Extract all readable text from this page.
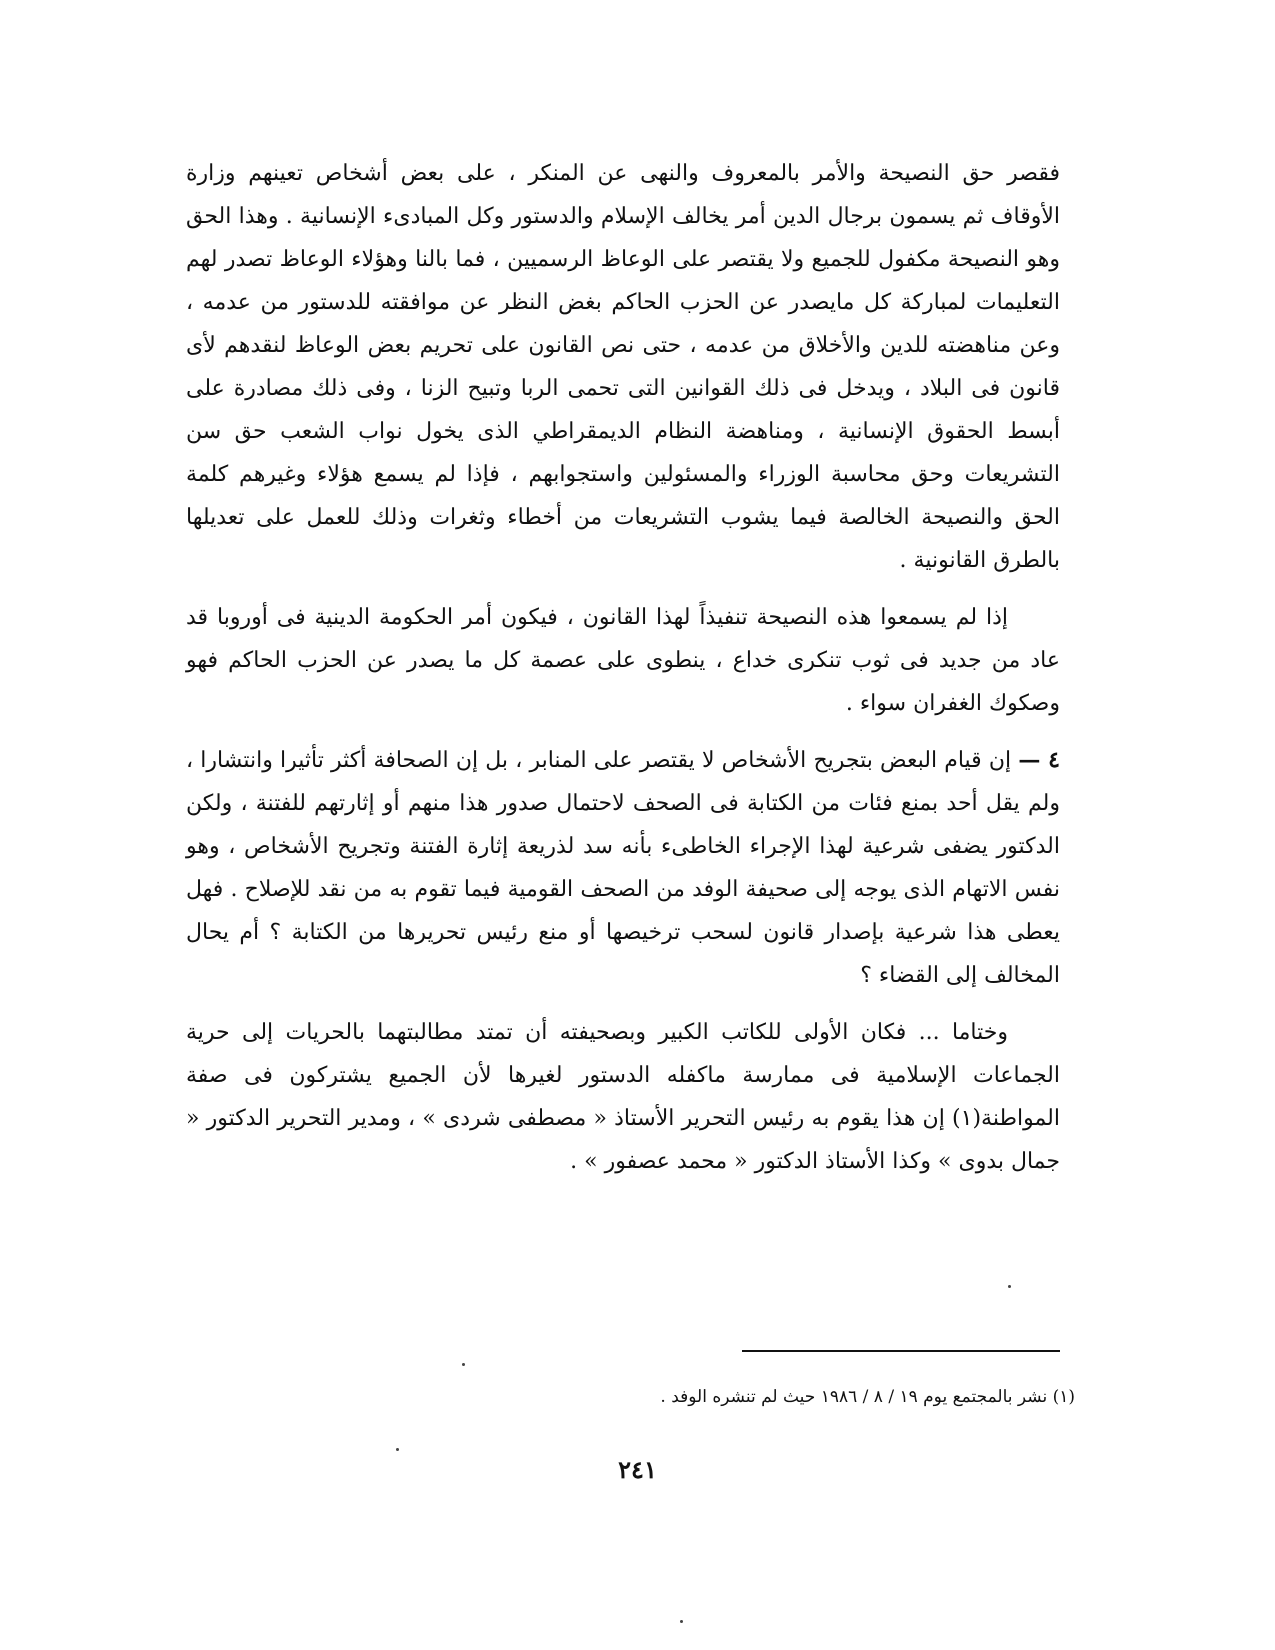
فقصر حق النصيحة والأمر بالمعروف والنهى عن المنكر ، على بعض أشخاص تعينهم وزارة الأوقاف ثم يسمون برجال الدين أمر يخالف الإسلام والدستور وكل المبادىء الإنسانية . وهذا الحق وهو النصيحة مكفول للجميع ولا يقتصر على الوعاظ الرسميين ، فما بالنا وهؤلاء الوعاظ تصدر لهم التعليمات لمباركة كل مايصدر عن الحزب الحاكم بغض النظر عن موافقته للدستور من عدمه ، وعن مناهضته للدين والأخلاق من عدمه ، حتى نص القانون على تحريم بعض الوعاظ لنقدهم لأى قانون فى البلاد ، ويدخل فى ذلك القوانين التى تحمى الربا وتبيح الزنا ، وفى ذلك مصادرة على أبسط الحقوق الإنسانية ، ومناهضة النظام الديمقراطي الذى يخول نواب الشعب حق سن التشريعات وحق محاسبة الوزراء والمسئولين واستجوابهم ، فإذا لم يسمع هؤلاء وغيرهم كلمة الحق والنصيحة الخالصة فيما يشوب التشريعات من أخطاء وثغرات وذلك للعمل على تعديلها بالطرق القانونية .

إذا لم يسمعوا هذه النصيحة تنفيذاً لهذا القانون ، فيكون أمر الحكومة الدينية فى أوروبا قد عاد من جديد فى ثوب تنكرى خداع ، ينطوى على عصمة كل ما يصدر عن الحزب الحاكم فهو وصكوك الغفران سواء .

٤ — إن قيام البعض بتجريح الأشخاص لا يقتصر على المنابر ، بل إن الصحافة أكثر تأثيرا وانتشارا ، ولم يقل أحد بمنع فئات من الكتابة فى الصحف لاحتمال صدور هذا منهم أو إثارتهم للفتنة ، ولكن الدكتور يضفى شرعية لهذا الإجراء الخاطىء بأنه سد لذريعة إثارة الفتنة وتجريح الأشخاص ، وهو نفس الاتهام الذى يوجه إلى صحيفة الوفد من الصحف القومية فيما تقوم به من نقد للإصلاح . فهل يعطى هذا شرعية بإصدار قانون لسحب ترخيصها أو منع رئيس تحريرها من الكتابة ؟ أم يحال المخالف إلى القضاء ؟

وختاما ... فكان الأولى للكاتب الكبير وبصحيفته أن تمتد مطالبتهما بالحريات إلى حرية الجماعات الإسلامية فى ممارسة ماكفله الدستور لغيرها لأن الجميع يشتركون فى صفة المواطنة(١) إن هذا يقوم به رئيس التحرير الأستاذ « مصطفى شردى » ، ومدير التحرير الدكتور « جمال بدوى » وكذا الأستاذ الدكتور « محمد عصفور » .

(١) نشر بالمجتمع يوم ١٩ / ٨ / ١٩٨٦ حيث لم تنشره الوفد .

٢٤١
